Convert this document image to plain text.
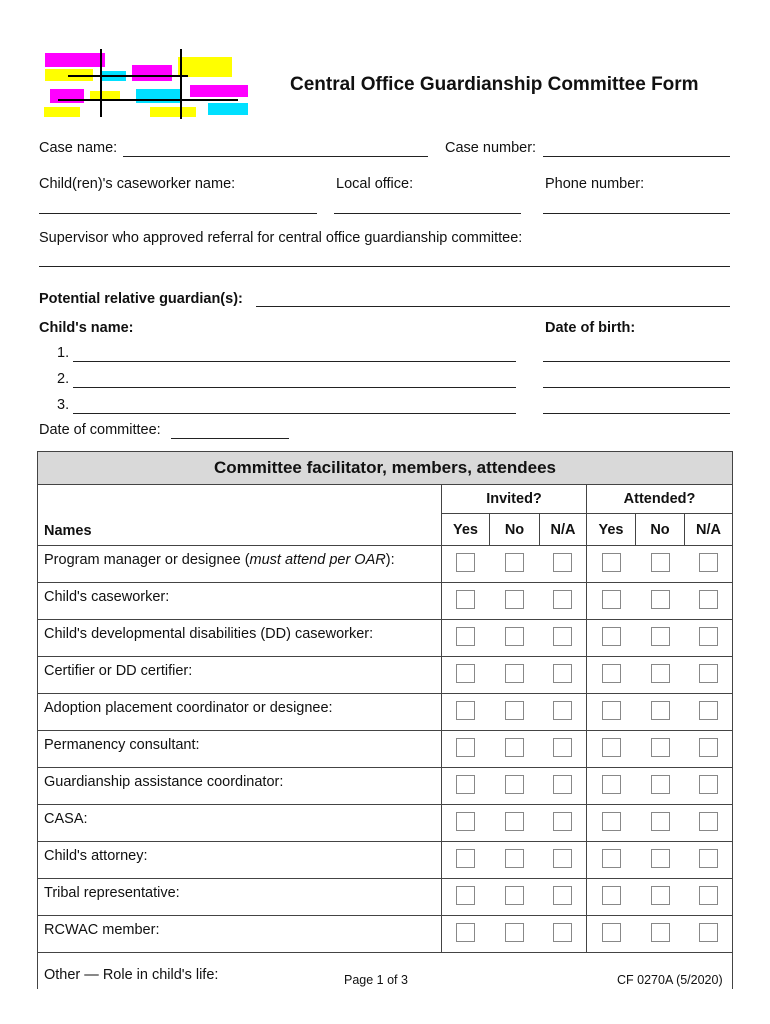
Central Office Guardianship Committee Form
Case name:	Case number:
Child(ren)'s caseworker name:	Local office:	Phone number:
Supervisor who approved referral for central office guardianship committee:
Potential relative guardian(s):
Child's name:	Date of birth:
1.
2.
3.
Date of committee:
Committee facilitator, members, attendees						
Names	Invited?			Attended?		
	Yes	No	N/A	Yes	No	N/A
Program manager or designee (must attend per OAR):						
Child's caseworker:						
Child's developmental disabilities (DD) caseworker:						
Certifier or DD certifier:						
Adoption placement coordinator or designee:						
Permanency consultant:						
Guardianship assistance coordinator:						
CASA:						
Child's attorney:						
Tribal representative:						
RCWAC member:						
Other — Role in child's life:							Page 1 of 3	CF 0270A (5/2020)
